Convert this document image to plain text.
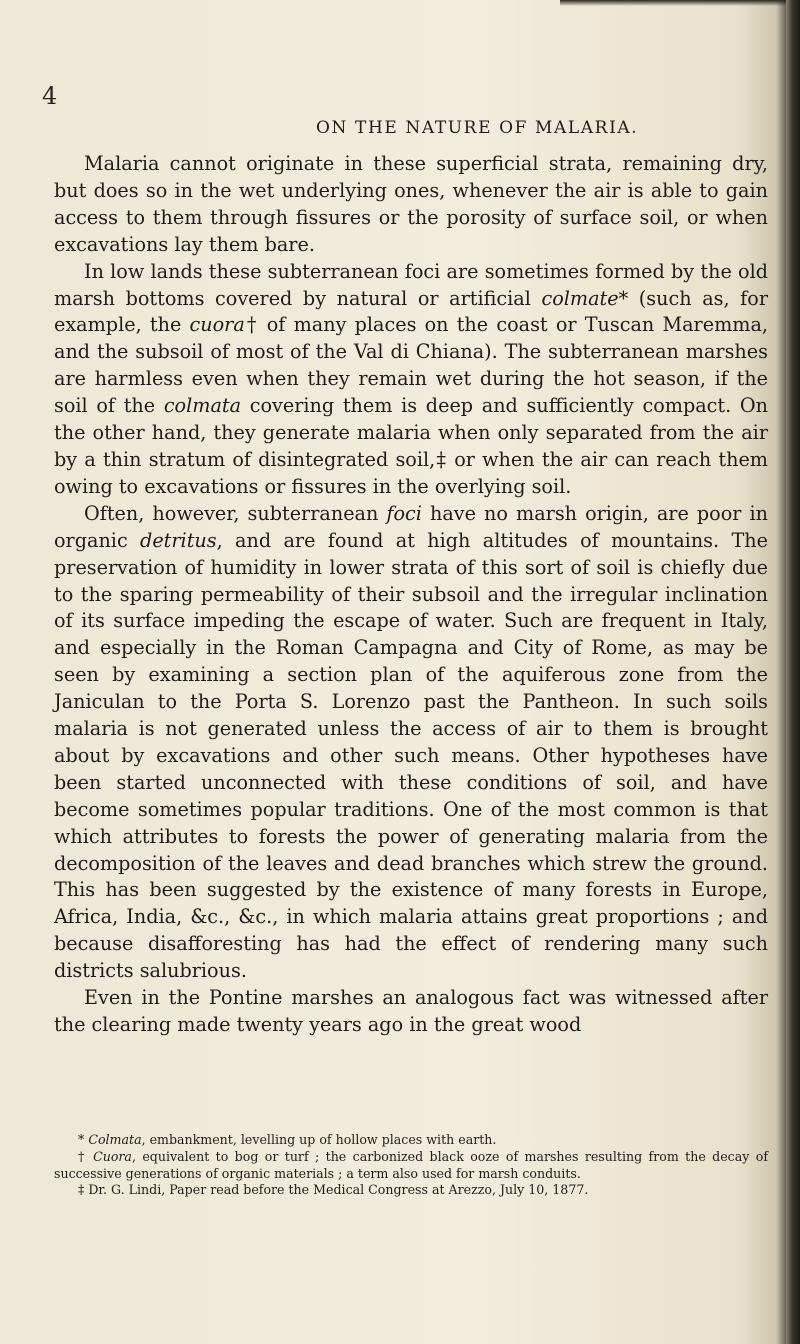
4
ON THE NATURE OF MALARIA.

Malaria cannot originate in these superficial strata, remaining dry, but does so in the wet underlying ones, whenever the air is able to gain access to them through fissures or the porosity of surface soil, or when excavations lay them bare.

In low lands these subterranean foci are sometimes formed by the old marsh bottoms covered by natural or artificial colmate* (such as, for example, the cuora† of many places on the coast or Tuscan Maremma, and the subsoil of most of the Val di Chiana). The subterranean marshes are harmless even when they remain wet during the hot season, if the soil of the colmata covering them is deep and sufficiently compact. On the other hand, they generate malaria when only separated from the air by a thin stratum of disintegrated soil,‡ or when the air can reach them owing to excavations or fissures in the overlying soil.

Often, however, subterranean foci have no marsh origin, are poor in organic detritus, and are found at high altitudes of mountains. The preservation of humidity in lower strata of this sort of soil is chiefly due to the sparing permeability of their subsoil and the irregular inclination of its surface impeding the escape of water. Such are frequent in Italy, and especially in the Roman Campagna and City of Rome, as may be seen by examining a section plan of the aquiferous zone from the Janiculan to the Porta S. Lorenzo past the Pantheon. In such soils malaria is not generated unless the access of air to them is brought about by excavations and other such means. Other hypotheses have been started unconnected with these conditions of soil, and have become sometimes popular traditions. One of the most common is that which attributes to forests the power of generating malaria from the decomposition of the leaves and dead branches which strew the ground. This has been suggested by the existence of many forests in Europe, Africa, India, &c., &c., in which malaria attains great proportions ; and because disafforesting has had the effect of rendering many such districts salubrious.

Even in the Pontine marshes an analogous fact was witnessed after the clearing made twenty years ago in the great wood

* Colmata, embankment, levelling up of hollow places with earth.

† Cuora, equivalent to bog or turf ; the carbonized black ooze of marshes resulting from the decay of successive generations of organic materials ; a term also used for marsh conduits.

‡ Dr. G. Lindi, Paper read before the Medical Congress at Arezzo, July 10, 1877.
